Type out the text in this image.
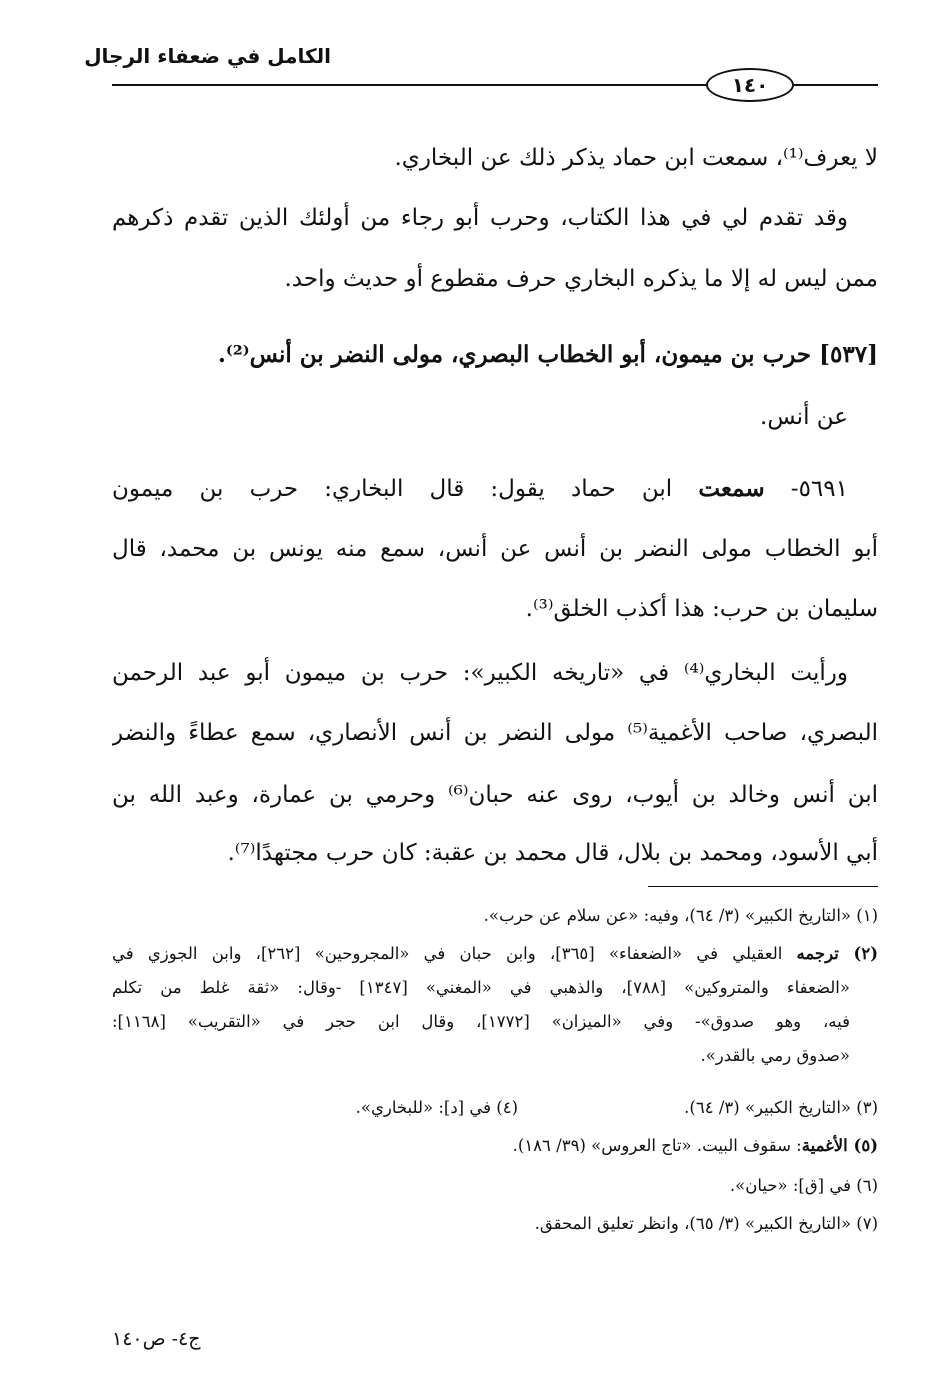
الكامل في ضعفاء الرجال
١٤٠
لا يعرف⁽¹⁾، سمعت ابن حماد يذكر ذلك عن البخاري.
وقد تقدم لي في هذا الكتاب، وحرب أبو رجاء من أولئك الذين تقدم ذكرهم
ممن ليس له إلا ما يذكره البخاري حرف مقطوع أو حديث واحد.
[٥٣٧] حرب بن ميمون، أبو الخطاب البصري، مولى النضر بن أنس⁽²⁾.
عن أنس.
٥٦٩١- سمعت ابن حماد يقول: قال البخاري: حرب بن ميمون
أبو الخطاب مولى النضر بن أنس عن أنس، سمع منه يونس بن محمد، قال
سليمان بن حرب: هذا أكذب الخلق⁽³⁾.
ورأيت البخاري⁽⁴⁾ في «تاريخه الكبير»: حرب بن ميمون أبو عبد الرحمن
البصري، صاحب الأغمية⁽⁵⁾ مولى النضر بن أنس الأنصاري، سمع عطاءً والنضر
ابن أنس وخالد بن أيوب، روى عنه حبان⁽⁶⁾ وحرمي بن عمارة، وعبد الله بن
أبي الأسود، ومحمد بن بلال، قال محمد بن عقبة: كان حرب مجتهدًا⁽⁷⁾.
(١) «التاريخ الكبير» (٣/ ٦٤)، وفيه: «عن سلام عن حرب».
(٢) ترجمه العقيلي في «الضعفاء» [٣٦٥]، وابن حبان في «المجروحين» [٢٦٢]، وابن الجوزي في
«الضعفاء والمتروكين» [٧٨٨]، والذهبي في «المغني» [١٣٤٧] -وقال: «ثقة غلط من تكلم
فيه، وهو صدوق»- وفي «الميزان» [١٧٧٢]، وقال ابن حجر في «التقريب» [١١٦٨]:
«صدوق رمي بالقدر».
(٣) «التاريخ الكبير» (٣/ ٦٤).
(٤) في [د]: «للبخاري».
(٥) الأغمية: سقوف البيت. «تاج العروس» (٣٩/ ١٨٦).
(٦) في [ق]: «حيان».
(٧) «التاريخ الكبير» (٣/ ٦٥)، وانظر تعليق المحقق.
ج٤- ص١٤٠
